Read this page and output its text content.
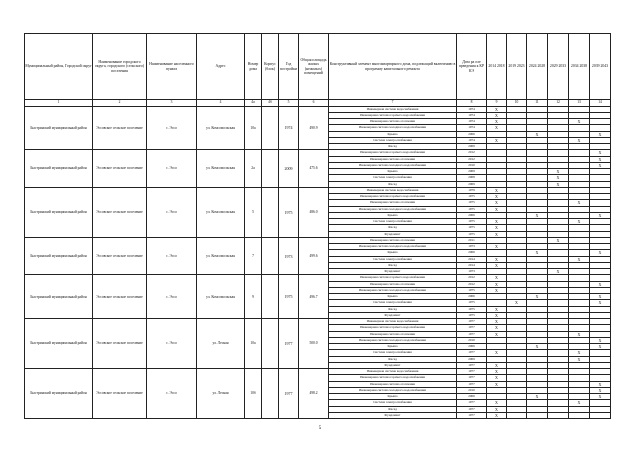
Муниципальный район, Городской округ	Наименование городского округа, городского (сельского) поселения	Наименование населенного пункта	Адрес	Номер дома	Корпус (блок)	Год постройки	Общая площадь жилых (нежилых) помещений	Конструктивный элемент многоквартирного дома, подлежащий включению в программу капитального ремонта	Дата ра оле прведения к КР КЭ	2014 2018	2019 2023	2024 2028	2029 2033	2034 2038	2039 2043
1	2	3	4	4а	4б	5	6	7	8	9	10	11	12	13	14
Быстринский муниципальный район	Эссовское сельское поселение	с. Эссо	ул. Комсомольская	10а		1974	490.9	Инженерная система водоснабжения	1974	X					
								Инженерная система горячего водоснабжения	1974	X					
								Инженерная система отопления	1974	X				X	
								Инженерная система холодного водоснабжения	1974	X					
								Крыша	2006			X			X
								Система электроснабжения	1974	X				X	
								Фасад	2009						
Быстринский муниципальный район	Эссовское сельское поселение	с. Эссо	ул. Комсомольская	2а		2009	475.6	Инженерная система горячего водоснабжения	2012						X
								Инженерная система отопления	2012						X
								Инженерная система холодного водоснабжения	2010						X
								Крыша	2009				X		
								Система электроснабжения	2008				X		
								Фасад	2009				X		
Быстринский муниципальный район	Эссовское сельское поселение	с. Эссо	ул. Комсомольская	5		1975	486.0	Инженерная система водоснабжения	1979	X					
								Инженерная система горячего водоснабжения	1975	X					
								Инженерная система отопления	1975	X				X	
								Инженерная система холодного водоснабжения	1975	X					
								Крыша	2006			X			X
								Система электроснабжения	1975	X				X	
								Фасад	1975	X					
								Фундамент	1975	X					
Быстринский муниципальный район	Эссовское сельское поселение	с. Эссо	ул. Комсомольская	7		1973	499.6	Инженерная система отопления	2011				X		
								Инженерная система холодного водоснабжения	1973	X					
								Крыша	2006			X			X
								Система электроснабжения	2014	X				X	
								Фасад	2014	X					
								Фундамент	1973				X		
Быстринский муниципальный район	Эссовское сельское поселение	с. Эссо	ул. Комсомольская	9		1975	496.7	Инженерная система горячего водоснабжения	2012	X					
								Инженерная система отопления	2012	X					X
								Инженерная система холодного водоснабжения	1975	X					
								Крыша	2006			X			X
								Система электроснабжения	1975		X				X
								Фасад	1975	X					
								Фундамент	1975	X					
Быстринский муниципальный район	Эссовское сельское поселение	с. Эссо	ул. Лесная	10а		1977	500.0	Инженерная система водоснабжения	1977	X					
								Инженерная система горячего водоснабжения	1977	X					
								Инженерная система отопления	1977	X				X	
								Инженерная система холодного водоснабжения	2010						X
								Крыша	2006			X			X
								Система электроснабжения	1977	X				X	
								Фасад	2009					X	
								Фундамент	1977	X					
Быстринский муниципальный район	Эссовское сельское поселение	с. Эссо	ул. Лесная	10б		1977	498.2	Инженерная система водоснабжения	1977	X					
								Инженерная система горячего водоснабжения	1977	X					
								Инженерная система отопления	1977	X					X
								Инженерная система холодного водоснабжения	2010						X
								Крыша	2006			X			X
								Система электроснабжения	1977	X				X	
								Фасад	1977	X					
								Фундамент	1977	X					
5
